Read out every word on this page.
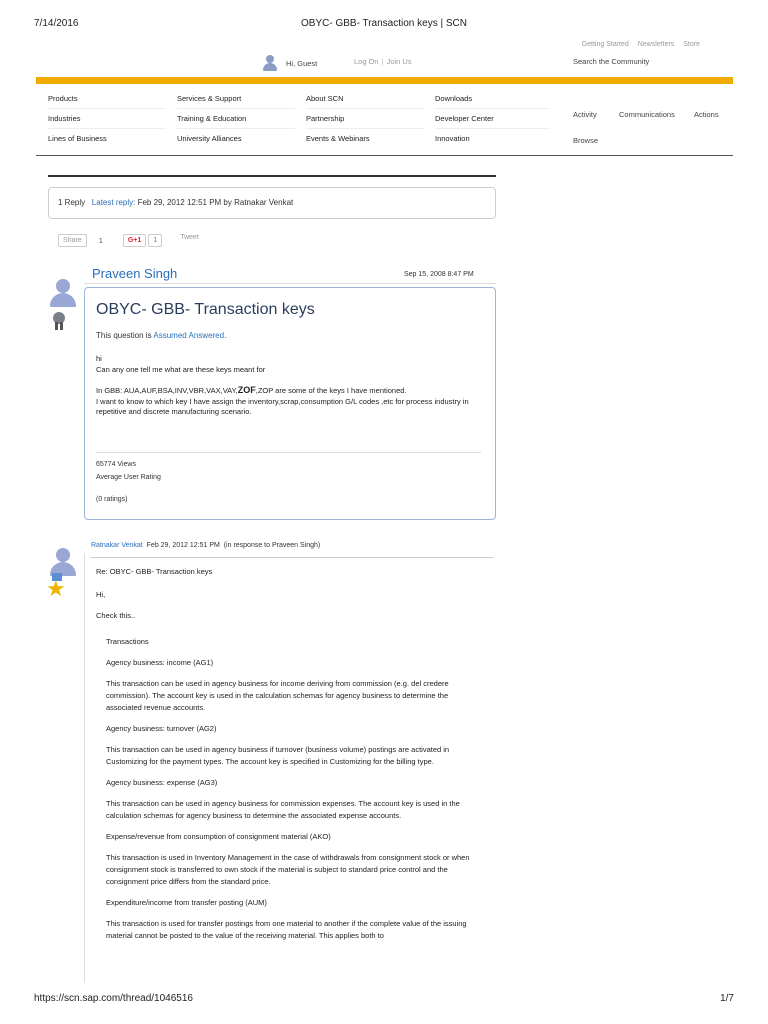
7/14/2016	OBYC- GBB- Transaction keys | SCN
Getting Started Newsletters Store
Hi, Guest	Log On | Join Us	Search the Community
Products
Industries
Lines of Business
Services & Support
Training & Education
University Alliances
About SCN
Partnership
Events & Webinars
Downloads
Developer Center
Innovation
Activity	Communications	Actions
Browse
1 Reply Latest reply: Feb 29, 2012 12:51 PM by Ratnakar Venkat
Share	1	G+1	1	Tweet
Praveen Singh	Sep 15, 2008 8:47 PM
OBYC- GBB- Transaction keys
This question is Assumed Answered.
hi

Can any one tell me what are these keys meant for

In GBB: AUA,AUF,BSA,INV,VBR,VAX,VAY,ZOF,ZOP are some of the keys I have mentioned.
I want to know to which key I have assign the inventory,scrap,consumption G/L codes ,etc for process industry in repetitive and discrete manufacturing scenario.
65774 Views
Average User Rating
(0 ratings)
★
Ratnakar Venkat Feb 29, 2012 12:51 PM (in response to Praveen Singh)
Re: OBYC- GBB- Transaction keys
Hi,
Check this..
Transactions
Agency business: income (AG1)
This transaction can be used in agency business for income deriving from commission (e.g. del credere commission). The account key is used in the calculation schemas for agency business to determine the associated revenue accounts.
Agency business: turnover (AG2)
This transaction can be used in agency business if turnover (business volume) postings are activated in Customizing for the payment types. The account key is specified in Customizing for the billing type.
Agency business: expense (AG3)
This transaction can be used in agency business for commission expenses. The account key is used in the calculation schemas for agency business to determine the associated expense accounts.
Expense/revenue from consumption of consignment material (AKO)
This transaction is used in Inventory Management in the case of withdrawals from consignment stock or when consignment stock is transferred to own stock if the material is subject to standard price control and the consignment price differs from the standard price.
Expenditure/income from transfer posting (AUM)
This transaction is used for transfer postings from one material to another if the complete value of the issuing material cannot be posted to the value of the receiving material. This applies both to
https://scn.sap.com/thread/1046516	1/7
